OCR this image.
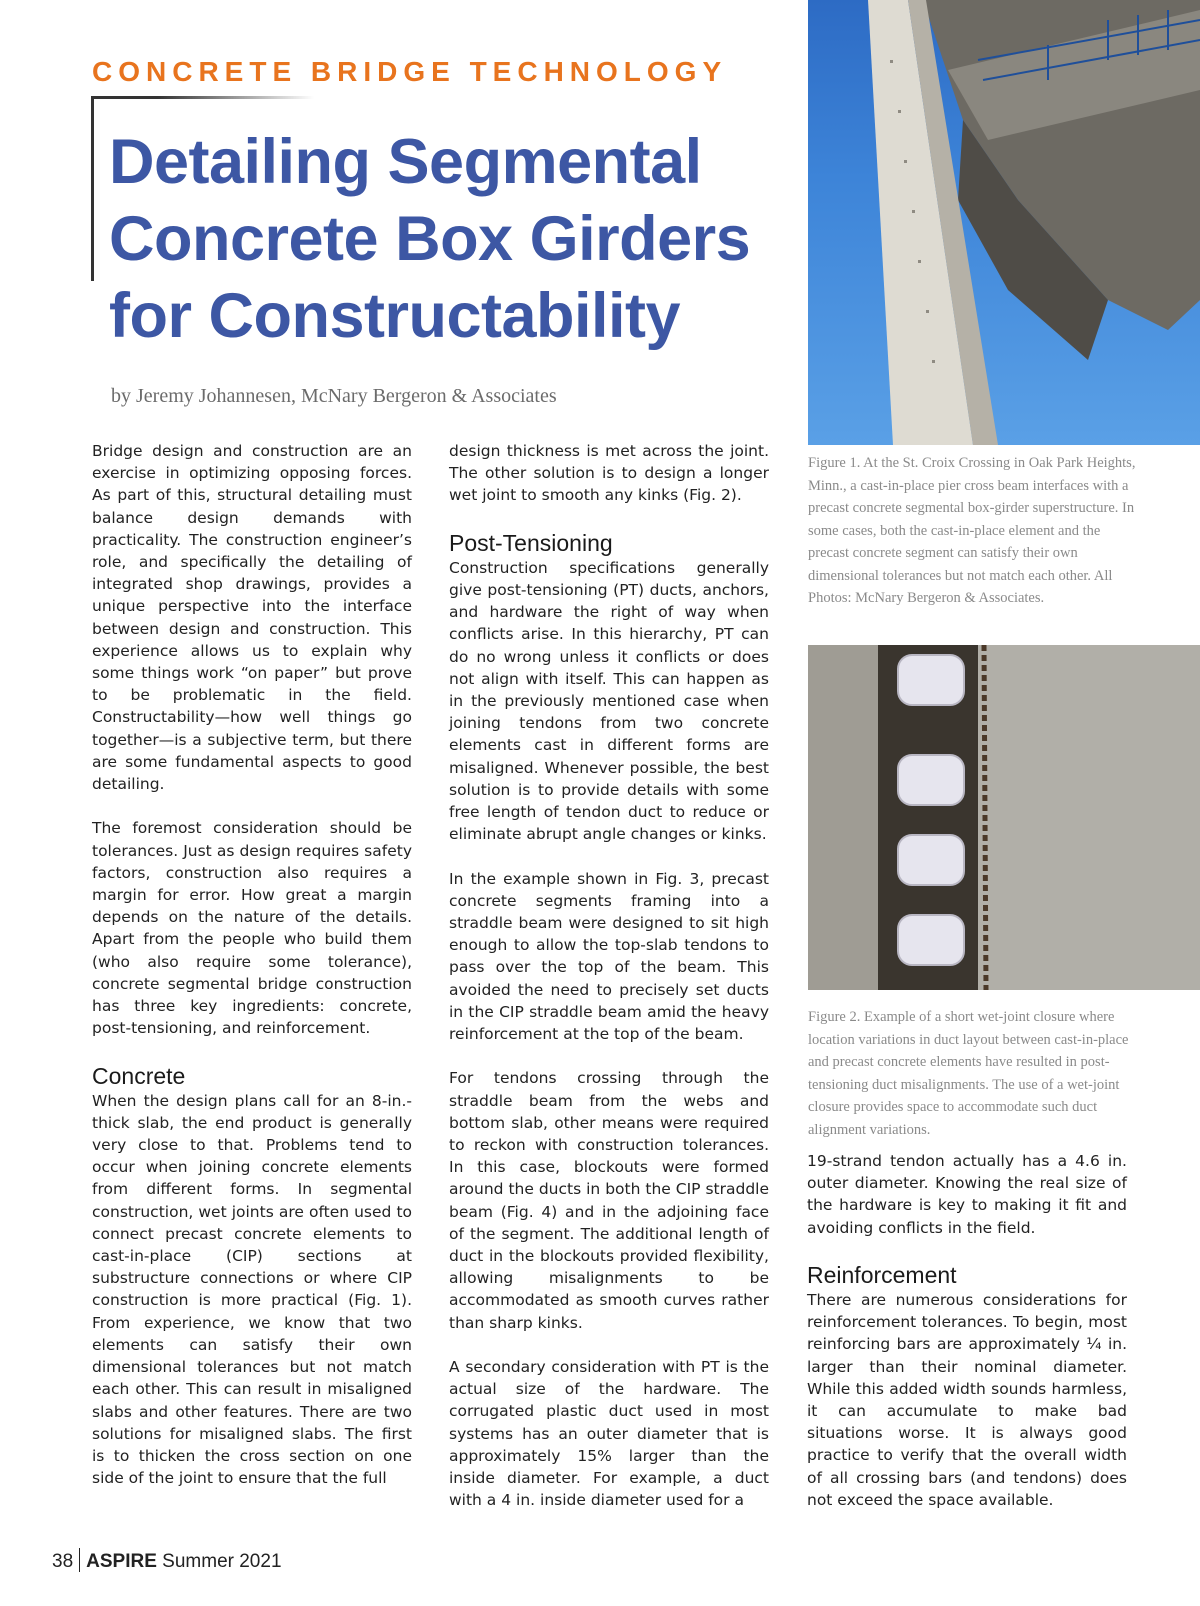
CONCRETE BRIDGE TECHNOLOGY
Detailing Segmental Concrete Box Girders for Constructability
by Jeremy Johannesen, McNary Bergeron & Associates

Bridge design and construction are an exercise in optimizing opposing forces. As part of this, structural detailing must balance design demands with practicality. The construction engineer’s role, and specifically the detailing of integrated shop drawings, provides a unique perspective into the interface between design and construction. This experience allows us to explain why some things work “on paper” but prove to be problematic in the field. Constructability—how well things go together—is a subjective term, but there are some fundamental aspects to good detailing.

The foremost consideration should be tolerances. Just as design requires safety factors, construction also requires a margin for error. How great a margin depends on the nature of the details. Apart from the people who build them (who also require some tolerance), concrete segmental bridge construction has three key ingredients: concrete, post-tensioning, and reinforcement.

Concrete

When the design plans call for an 8-in.-thick slab, the end product is generally very close to that. Problems tend to occur when joining concrete elements from different forms. In segmental construction, wet joints are often used to connect precast concrete elements to cast-in-place (CIP) sections at substructure connections or where CIP construction is more practical (Fig. 1). From experience, we know that two elements can satisfy their own dimensional tolerances but not match each other. This can result in misaligned slabs and other features. There are two solutions for misaligned slabs. The first is to thicken the cross section on one side of the joint to ensure that the full

design thickness is met across the joint. The other solution is to design a longer wet joint to smooth any kinks (Fig. 2).

Post-Tensioning

Construction specifications generally give post-tensioning (PT) ducts, anchors, and hardware the right of way when conflicts arise. In this hierarchy, PT can do no wrong unless it conflicts or does not align with itself. This can happen as in the previously mentioned case when joining tendons from two concrete elements cast in different forms are misaligned. Whenever possible, the best solution is to provide details with some free length of tendon duct to reduce or eliminate abrupt angle changes or kinks.

In the example shown in Fig. 3, precast concrete segments framing into a straddle beam were designed to sit high enough to allow the top-slab tendons to pass over the top of the beam. This avoided the need to precisely set ducts in the CIP straddle beam amid the heavy reinforcement at the top of the beam.

For tendons crossing through the straddle beam from the webs and bottom slab, other means were required to reckon with construction tolerances. In this case, blockouts were formed around the ducts in both the CIP straddle beam (Fig. 4) and in the adjoining face of the segment. The additional length of duct in the blockouts provided flexibility, allowing misalignments to be accommodated as smooth curves rather than sharp kinks.

A secondary consideration with PT is the actual size of the hardware. The corrugated plastic duct used in most systems has an outer diameter that is approximately 15% larger than the inside diameter. For example, a duct with a 4 in. inside diameter used for a

Figure 1. At the St. Croix Crossing in Oak Park Heights, Minn., a cast-in-place pier cross beam interfaces with a precast concrete segmental box-girder superstructure. In some cases, both the cast-in-place element and the precast concrete segment can satisfy their own dimensional tolerances but not match each other. All Photos: McNary Bergeron & Associates.

Figure 2. Example of a short wet-joint closure where location variations in duct layout between cast-in-place and precast concrete elements have resulted in post-tensioning duct misalignments. The use of a wet-joint closure provides space to accommodate such duct alignment variations.

19-strand tendon actually has a 4.6 in. outer diameter. Knowing the real size of the hardware is key to making it fit and avoiding conflicts in the field.

Reinforcement

There are numerous considerations for reinforcement tolerances. To begin, most reinforcing bars are approximately ¹⁄₄ in. larger than their nominal diameter. While this added width sounds harmless, it can accumulate to make bad situations worse. It is always good practice to verify that the overall width of all crossing bars (and tendons) does not exceed the space available.

38 ASPIRE Summer 2021
